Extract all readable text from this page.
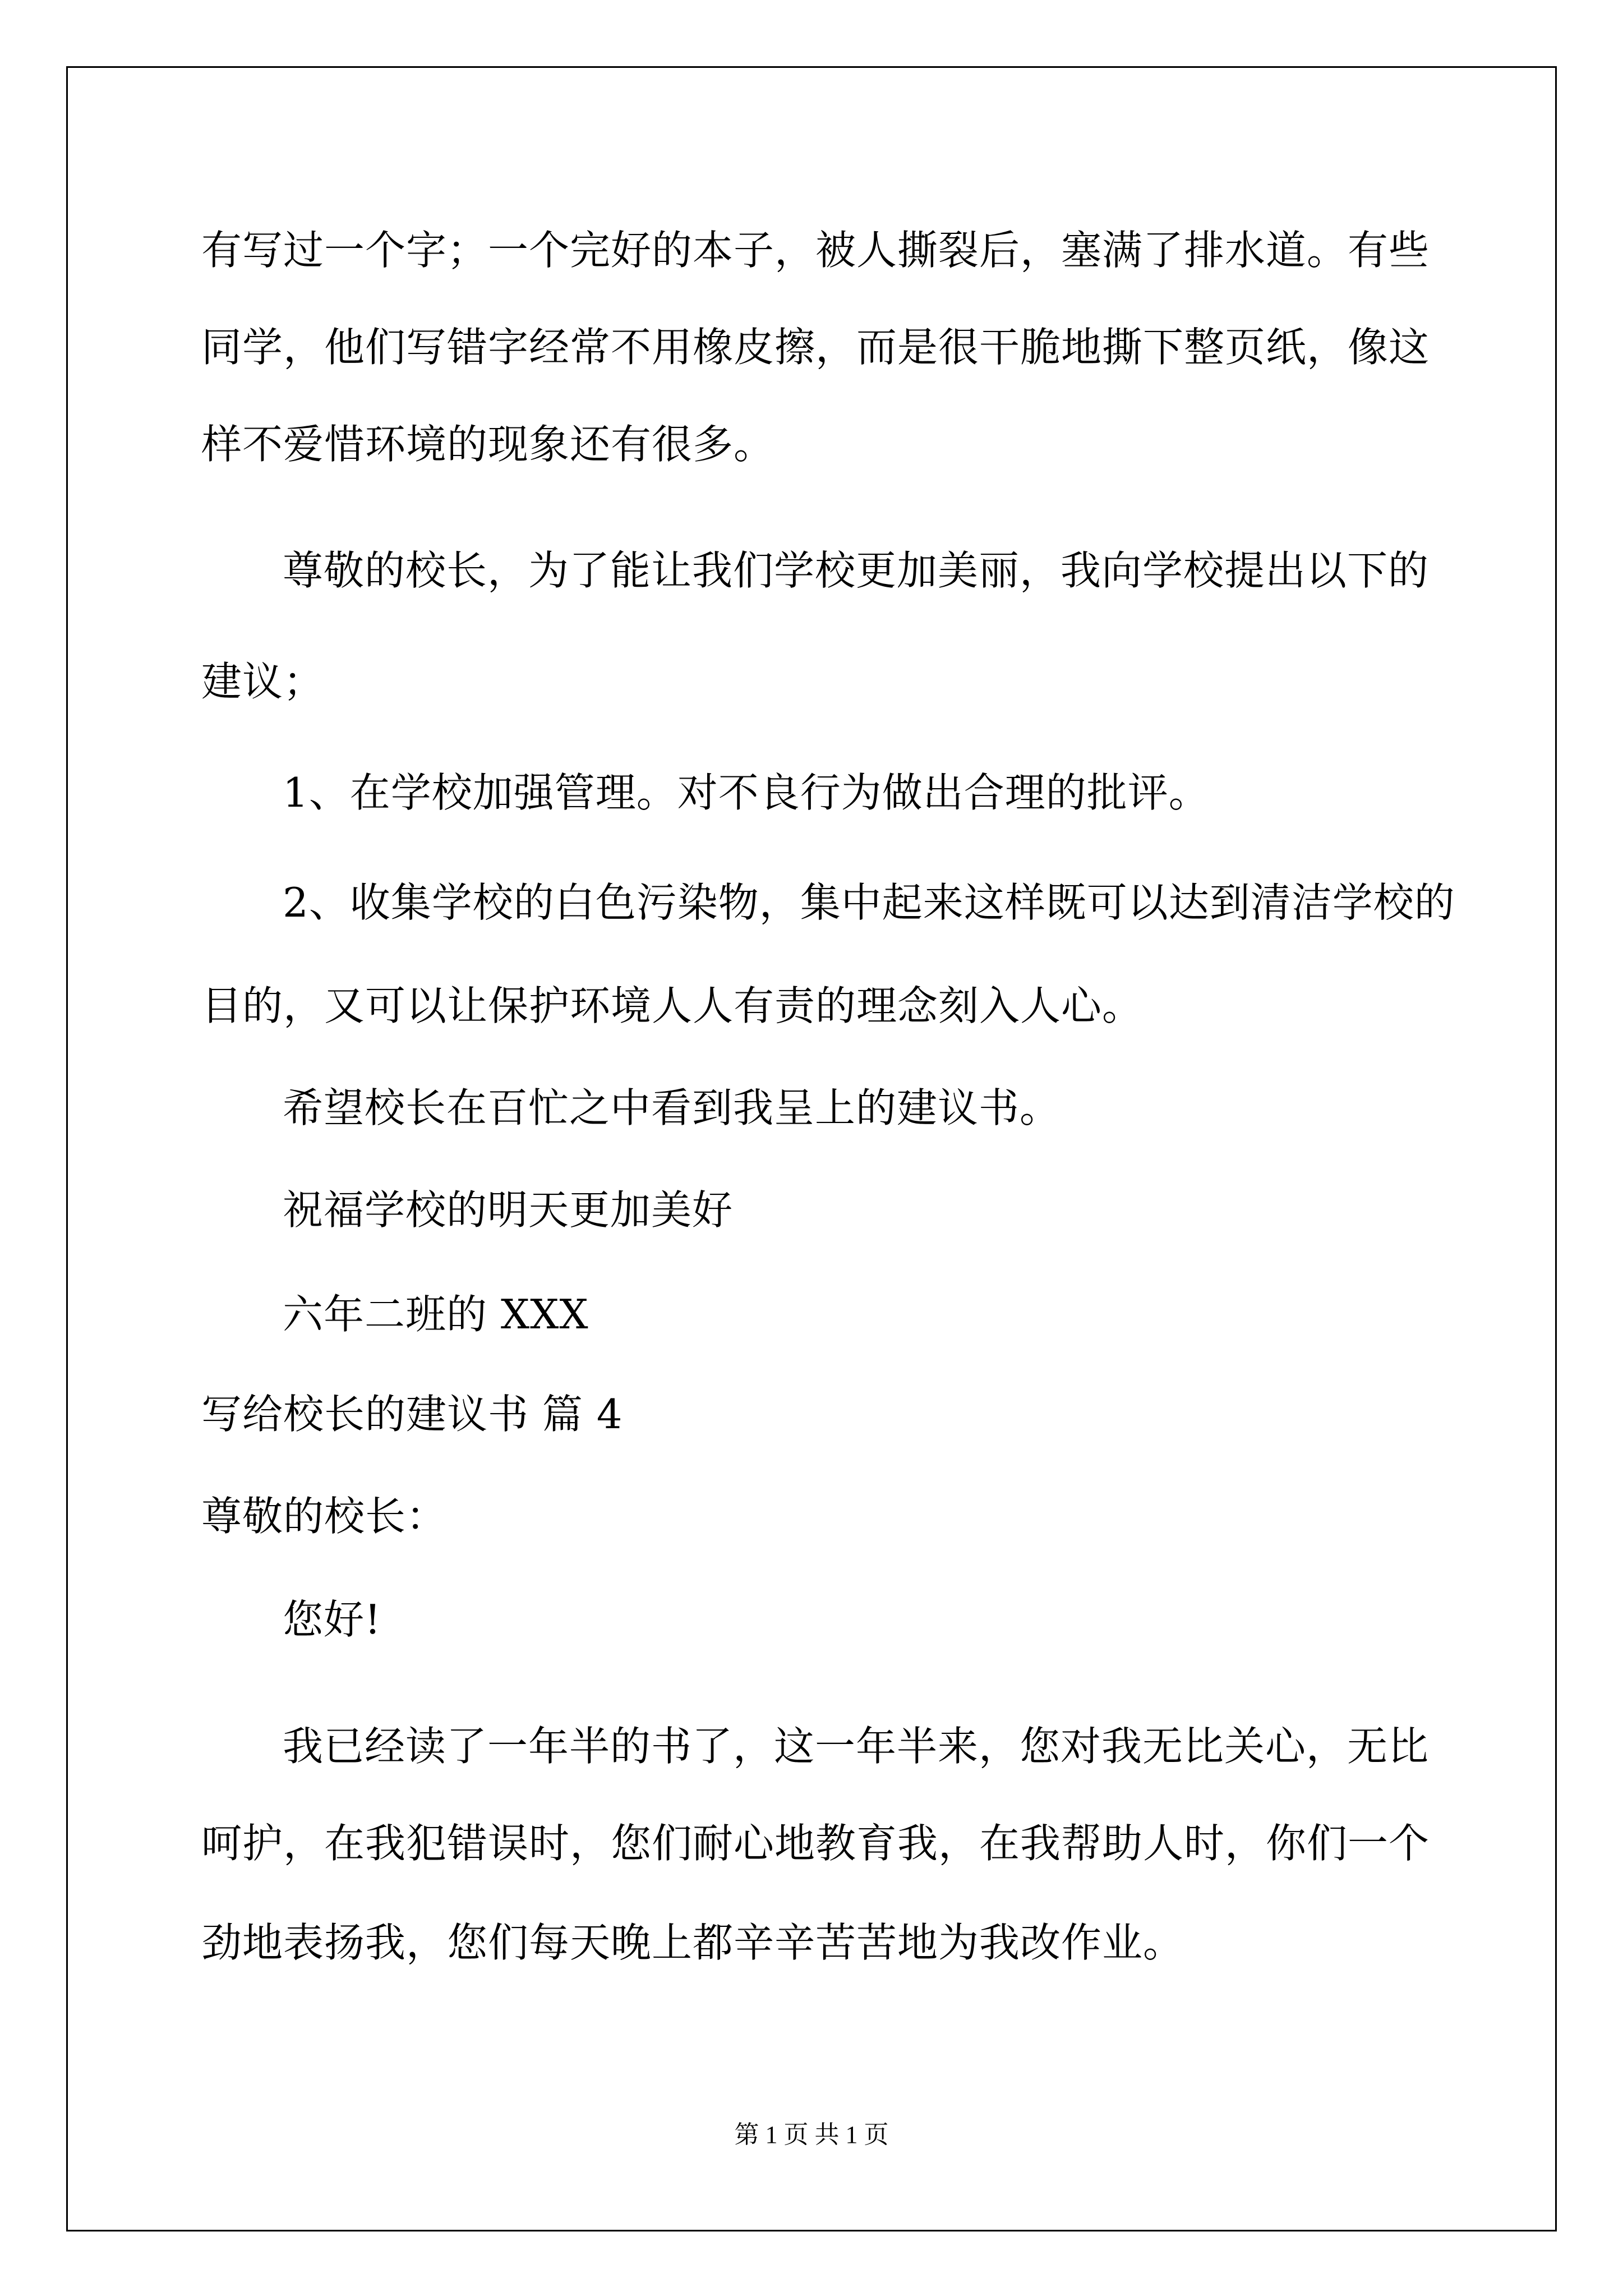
有写过一个字；一个完好的本子，被人撕裂后，塞满了排水道。有些
同学，他们写错字经常不用橡皮擦，而是很干脆地撕下整页纸，像这
样不爱惜环境的现象还有很多。
尊敬的校长，为了能让我们学校更加美丽，我向学校提出以下的
建议；
1、在学校加强管理。对不良行为做出合理的批评。
2、收集学校的白色污染物，集中起来这样既可以达到清洁学校的
目的，又可以让保护环境人人有责的理念刻入人心。
希望校长在百忙之中看到我呈上的建议书。
祝福学校的明天更加美好
六年二班的 XXX
写给校长的建议书 篇 4
尊敬的校长：
您好!
我已经读了一年半的书了，这一年半来，您对我无比关心，无比
呵护，在我犯错误时，您们耐心地教育我，在我帮助人时，你们一个
劲地表扬我，您们每天晚上都辛辛苦苦地为我改作业。
第 1 页 共 1 页
